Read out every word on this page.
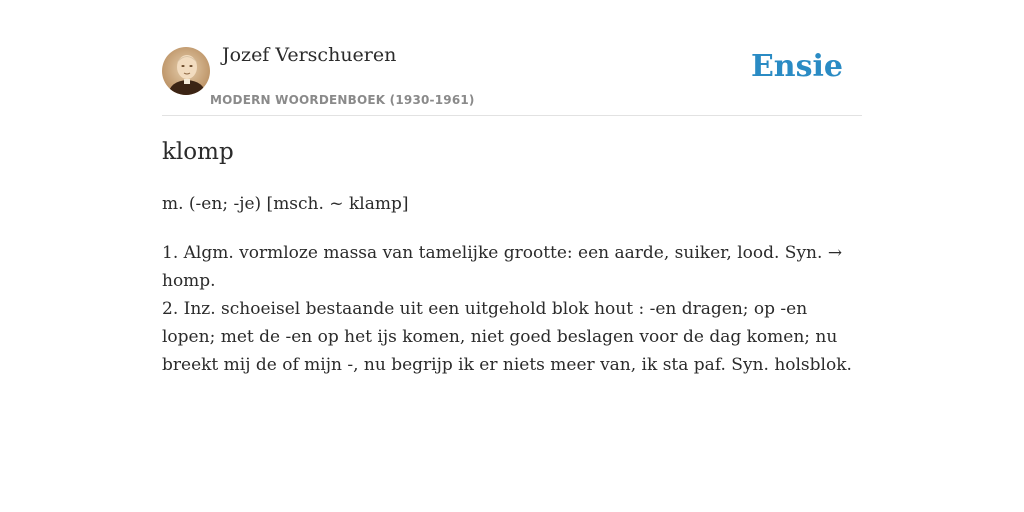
Jozef Verschueren
MODERN WOORDENBOEK (1930-1961)
Ensie
klomp
m. (-en; -je) [msch. ~ klamp]
1. Algm. vormloze massa van tamelijke grootte: een aarde, suiker, lood. Syn. →
homp.
2. Inz. schoeisel bestaande uit een uitgehold blok hout : -en dragen; op -en
lopen; met de -en op het ijs komen, niet goed beslagen voor de dag komen; nu
breekt mij de of mijn -, nu begrijp ik er niets meer van, ik sta paf. Syn. holsblok.
